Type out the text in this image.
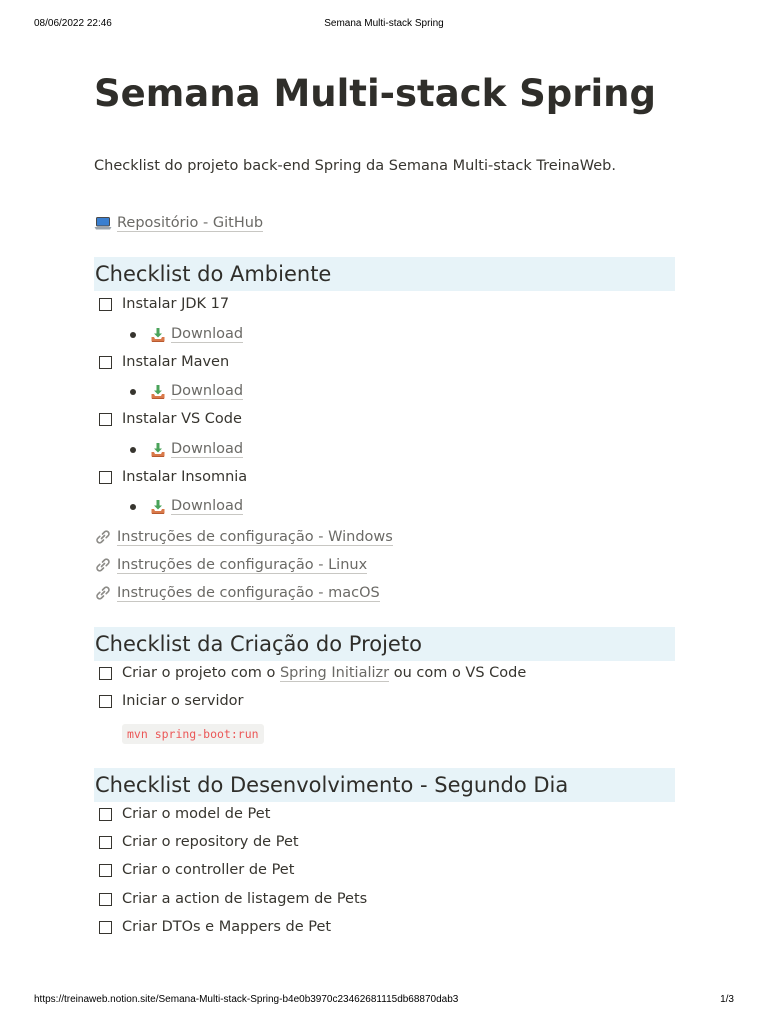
08/06/2022 22:46	Semana Multi-stack Spring
Semana Multi-stack Spring
Checklist do projeto back-end Spring da Semana Multi-stack TreinaWeb.
Repositório - GitHub
Checklist do Ambiente
Instalar JDK 17
Download
Instalar Maven
Download
Instalar VS Code
Download
Instalar Insomnia
Download
Instruções de configuração - Windows
Instruções de configuração - Linux
Instruções de configuração - macOS
Checklist da Criação do Projeto
Criar o projeto com o Spring Initializr ou com o VS Code
Iniciar o servidor
mvn spring-boot:run
Checklist do Desenvolvimento - Segundo Dia
Criar o model de Pet
Criar o repository de Pet
Criar o controller de Pet
Criar a action de listagem de Pets
Criar DTOs e Mappers de Pet
https://treinaweb.notion.site/Semana-Multi-stack-Spring-b4e0b3970c23462681115db68870dab3	1/3
